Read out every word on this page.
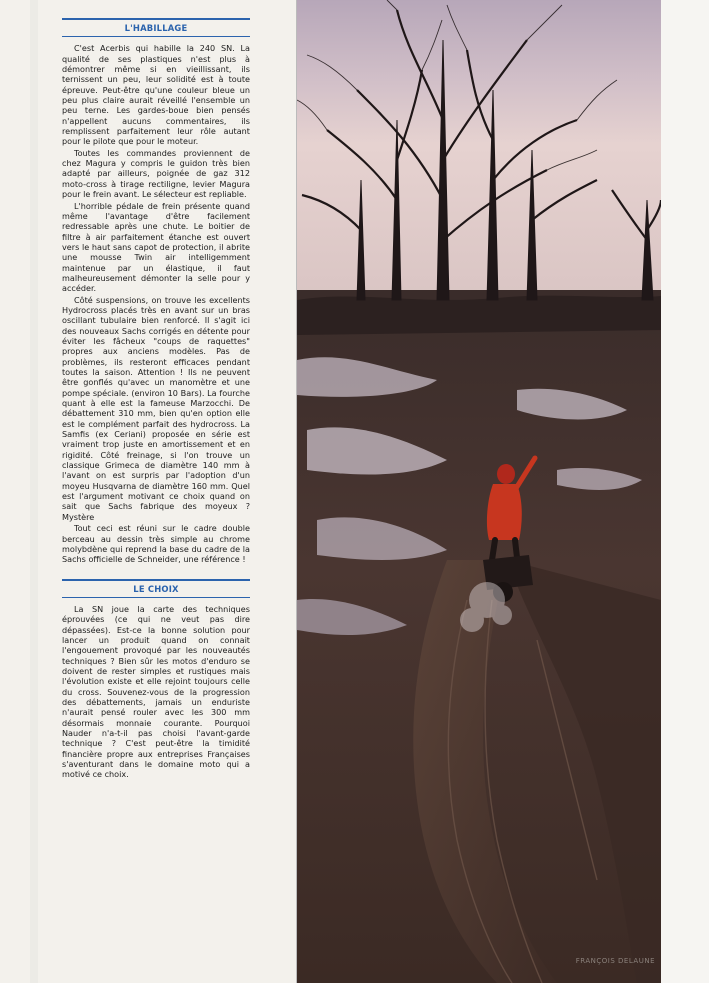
L'HABILLAGE

C'est Acerbis qui habille la 240 SN. La qualité de ses plastiques n'est plus à démontrer même si en vieillissant, ils ternissent un peu, leur solidité est à toute épreuve. Peut-être qu'une couleur bleue un peu plus claire aurait réveillé l'ensemble un peu terne. Les gardes-boue bien pensés n'appellent aucuns commentaires, ils remplissent parfaitement leur rôle autant pour le pilote que pour le moteur.

Toutes les commandes proviennent de chez Magura y compris le guidon très bien adapté par ailleurs, poignée de gaz 312 moto-cross à tirage rectiligne, levier Magura pour le frein avant. Le sélecteur est repliable.

L'horrible pédale de frein présente quand même l'avantage d'être facilement redressable après une chute. Le boitier de filtre à air parfaitement étanche est ouvert vers le haut sans capot de protection, il abrite une mousse Twin air intelligemment maintenue par un élastique, il faut malheureusement démonter la selle pour y accéder.

Côté suspensions, on trouve les excellents Hydrocross placés très en avant sur un bras oscillant tubulaire bien renforcé. Il s'agit ici des nouveaux Sachs corrigés en détente pour éviter les fâcheux "coups de raquettes" propres aux anciens modèles. Pas de problèmes, ils resteront efficaces pendant toutes la saison. Attention ! Ils ne peuvent être gonflés qu'avec un manomètre et une pompe spéciale. (environ 10 Bars). La fourche quant à elle est la fameuse Marzocchi. De débattement 310 mm, bien qu'en option elle est le complément parfait des hydrocross. La Samfis (ex Ceriani) proposée en série est vraiment trop juste en amortissement et en rigidité. Côté freinage, si l'on trouve un classique Grimeca de diamètre 140 mm à l'avant on est surpris par l'adoption d'un moyeu Husqvarna de diamètre 160 mm. Quel est l'argument motivant ce choix quand on sait que Sachs fabrique des moyeux ? Mystère

Tout ceci est réuni sur le cadre double berceau au dessin très simple au chrome molybdène qui reprend la base du cadre de la Sachs officielle de Schneider, une référence !

LE CHOIX

La SN joue la carte des techniques éprouvées (ce qui ne veut pas dire dépassées). Est-ce la bonne solution pour lancer un produit quand on connait l'engouement provoqué par les nouveautés techniques ? Bien sûr les motos d'enduro se doivent de rester simples et rustiques mais l'évolution existe et elle rejoint toujours celle du cross. Souvenez-vous de la progression des débattements, jamais un enduriste n'aurait pensé rouler avec les 300 mm désormais monnaie courante. Pourquoi Nauder n'a-t-il pas choisi l'avant-garde technique ? C'est peut-être la timidité financière propre aux entreprises Françaises s'aventurant dans le domaine moto qui a motivé ce choix.

FRANÇOIS DELAUNE
